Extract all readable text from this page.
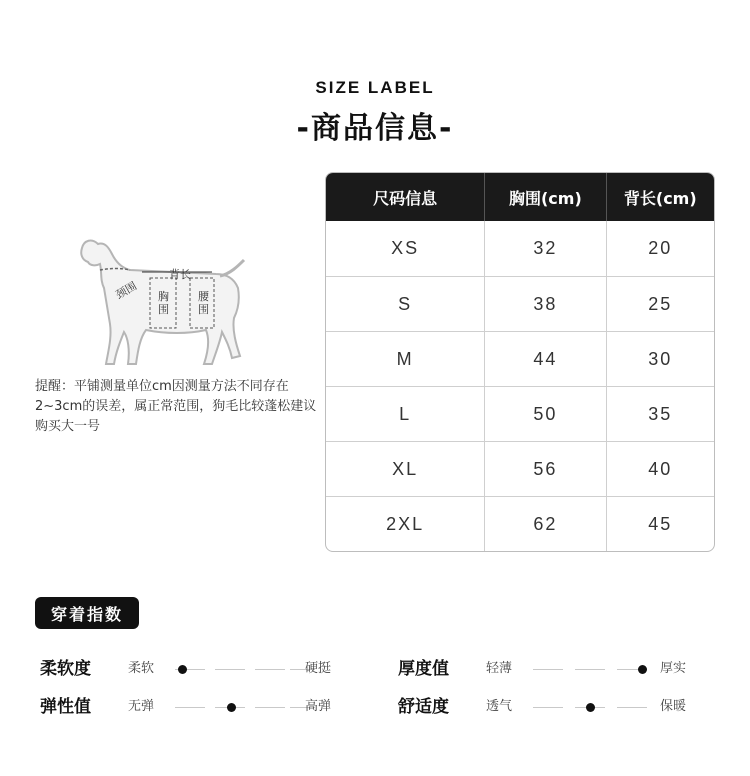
SIZE LABEL
-商品信息-
背长
颈围 胸围
腰围
提醒：平铺测量单位cm因测量方法不同存在2~3cm的误差，属正常范围，狗毛比较蓬松建议购买大一号
尺码信息	胸围(cm)	背长(cm)
XS	32	20
S	38	25
M	44	30
L	50	35
XL	56	40
2XL	62	45
穿着指数
柔软度	柔软	硬挺	厚度值	轻薄	厚实
弹性值	无弹	高弹	舒适度	透气	保暖
